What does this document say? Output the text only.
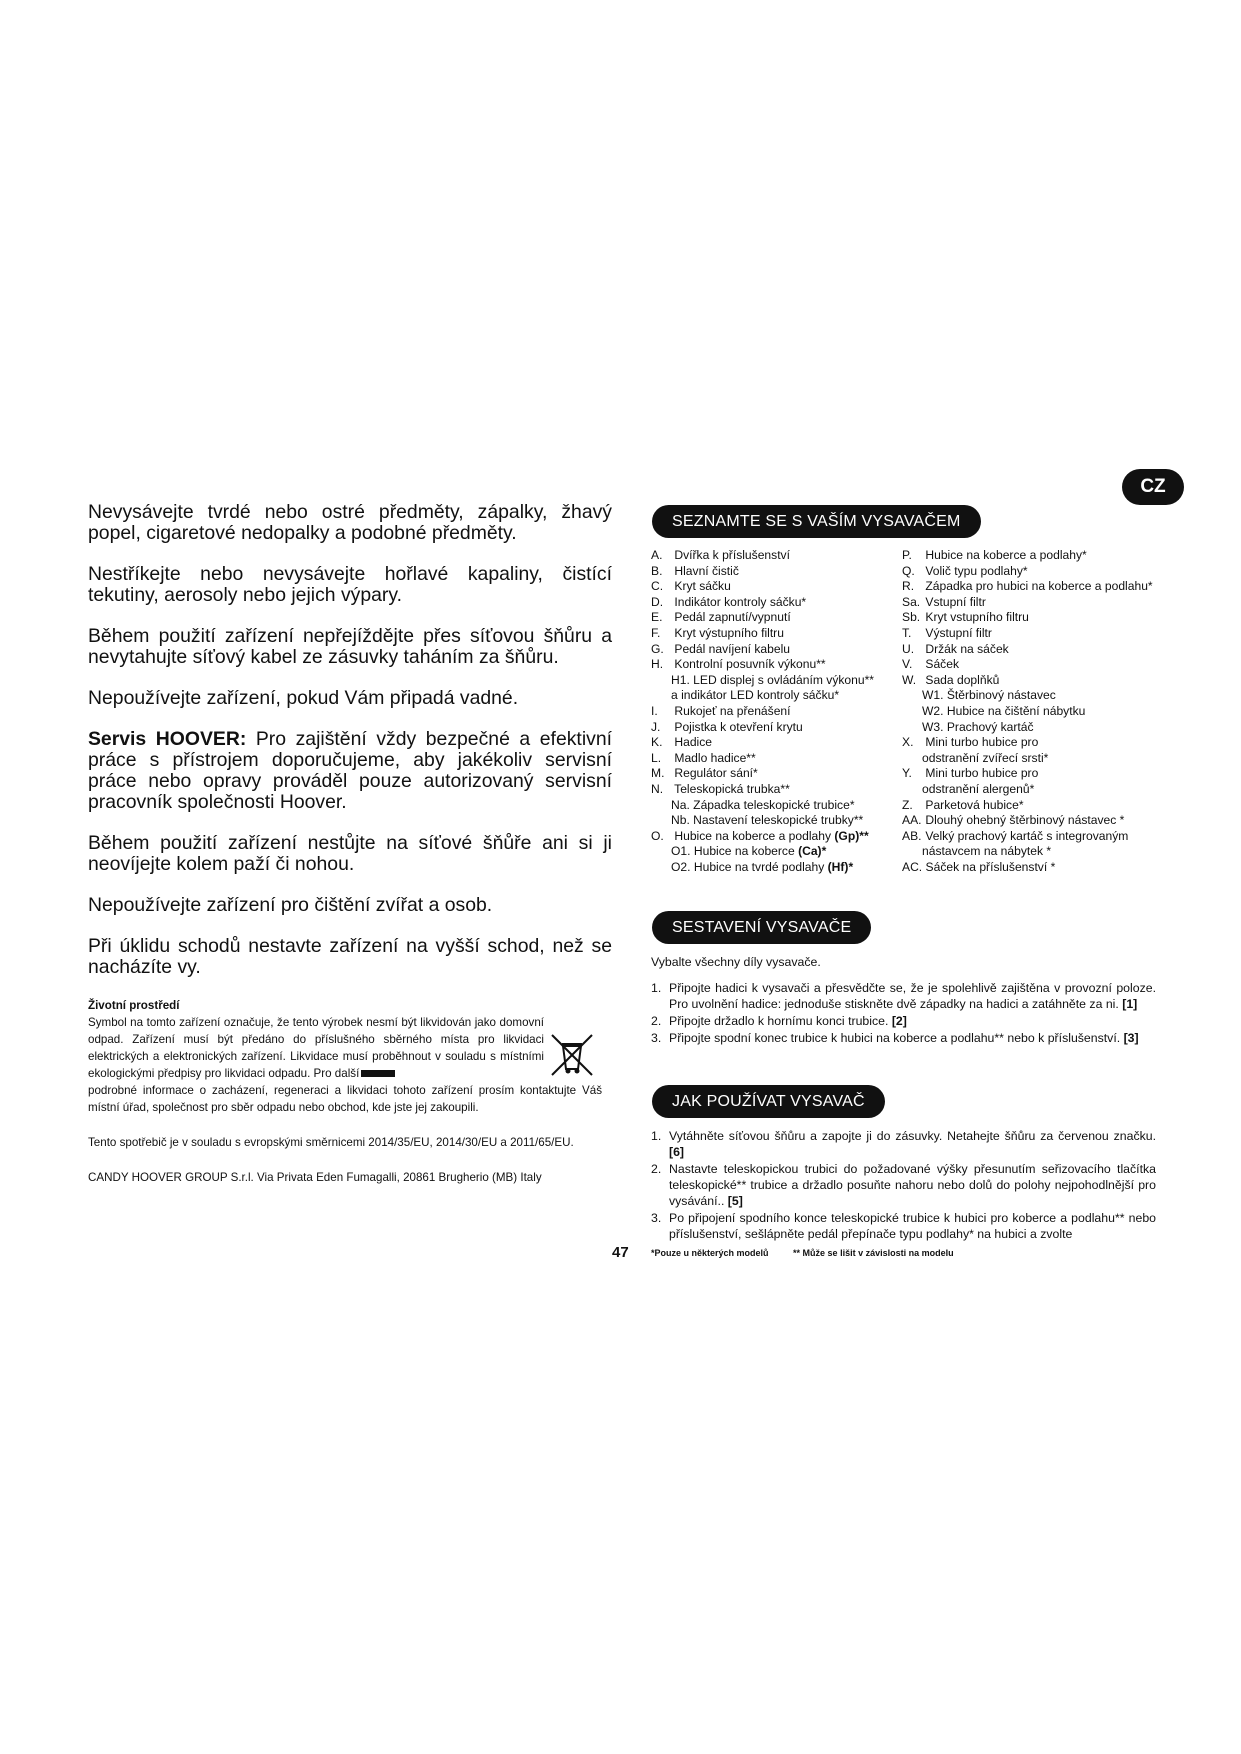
CZ

Nevysávejte tvrdé nebo ostré předměty, zápalky, žhavý popel, cigaretové nedopalky a podobné předměty.

Nestříkejte nebo nevysávejte hořlavé kapaliny, čistící tekutiny, aerosoly nebo jejich výpary.

Během použití zařízení nepřejíždějte přes síťovou šňůru a nevytahujte síťový kabel ze zásuvky taháním za šňůru.

Nepoužívejte zařízení, pokud Vám připadá vadné.

Servis HOOVER: Pro zajištění vždy bezpečné a efektivní práce s přístrojem doporučujeme, aby jakékoliv servisní práce nebo opravy prováděl pouze autorizovaný servisní pracovník společnosti Hoover.

Během použití zařízení nestůjte na síťové šňůře ani si ji neovíjejte kolem paží či nohou.

Nepoužívejte zařízení pro čištění zvířat a osob.

Při úklidu schodů nestavte zařízení na vyšší schod, než se nacházíte vy.

Životní prostředí
Symbol na tomto zařízení označuje, že tento výrobek nesmí být likvidován jako domovní odpad. Zařízení musí být předáno do příslušného sběrného místa pro likvidaci elektrických a elektronických zařízení. Likvidace musí proběhnout v souladu s místními ekologickými předpisy pro likvidaci odpadu. Pro další
podrobné informace o zacházení, regeneraci a likvidaci tohoto zařízení prosím kontaktujte Váš místní úřad, společnost pro sběr odpadu nebo obchod, kde jste jej zakoupili.

Tento spotřebič je v souladu s evropskými směrnicemi 2014/35/EU, 2014/30/EU a 2011/65/EU.

CANDY HOOVER GROUP S.r.l. Via Privata Eden Fumagalli, 20861 Brugherio (MB) Italy

47
SEZNAMTE SE S VAŠÍM VYSAVAČEM
A. Dvířka k příslušenství
B. Hlavní čistič
C. Kryt sáčku
D. Indikátor kontroly sáčku*
E. Pedál zapnutí/vypnutí
F. Kryt výstupního filtru
G. Pedál navíjení kabelu
H. Kontrolní posuvník výkonu**
H1. LED displej s ovládáním výkonu**
a indikátor LED kontroly sáčku*
I. Rukojeť na přenášení
J. Pojistka k otevření krytu
K. Hadice
L. Madlo hadice**
M. Regulátor sání*
N. Teleskopická trubka**
Na. Západka teleskopické trubice*
Nb. Nastavení teleskopické trubky**
O. Hubice na koberce a podlahy (Gp)**
O1. Hubice na koberce (Ca)*
O2. Hubice na tvrdé podlahy (Hf)*
P. Hubice na koberce a podlahy*
Q. Volič typu podlahy*
R. Západka pro hubici na koberce a podlahu*
Sa. Vstupní filtr
Sb. Kryt vstupního filtru
T. Výstupní filtr
U. Držák na sáček
V. Sáček
W. Sada doplňků
W1. Štěrbinový nástavec
W2. Hubice na čištění nábytku
W3. Prachový kartáč
X. Mini turbo hubice pro
odstranění zvířecí srsti*
Y. Mini turbo hubice pro
odstranění alergenů*
Z. Parketová hubice*
AA. Dlouhý ohebný štěrbinový nástavec *
AB. Velký prachový kartáč s integrovaným
nástavcem na nábytek *
AC. Sáček na příslušenství *
SESTAVENÍ VYSAVAČE
Vybalte všechny díly vysavače.
1. Připojte hadici k vysavači a přesvědčte se, že je spolehlivě zajištěna v provozní poloze. Pro uvolnění hadice: jednoduše stiskněte dvě západky na hadici a zatáhněte za ni. [1]
2. Připojte držadlo k hornímu konci trubice. [2]
3. Připojte spodní konec trubice k hubici na koberce a podlahu** nebo k příslušenství. [3]
JAK POUŽÍVAT VYSAVAČ
1. Vytáhněte síťovou šňůru a zapojte ji do zásuvky. Netahejte šňůru za červenou značku. [6]
2. Nastavte teleskopickou trubici do požadované výšky přesunutím seřizovacího tlačítka teleskopické** trubice a držadlo posuňte nahoru nebo dolů do polohy nejpohodlnější pro vysávání.. [5]
3. Po připojení spodního konce teleskopické trubice k hubici pro koberce a podlahu** nebo příslušenství, sešlápněte pedál přepínače typu podlahy* na hubici a zvolte
*Pouze u některých modelů	** Může se lišit v závislosti na modelu
